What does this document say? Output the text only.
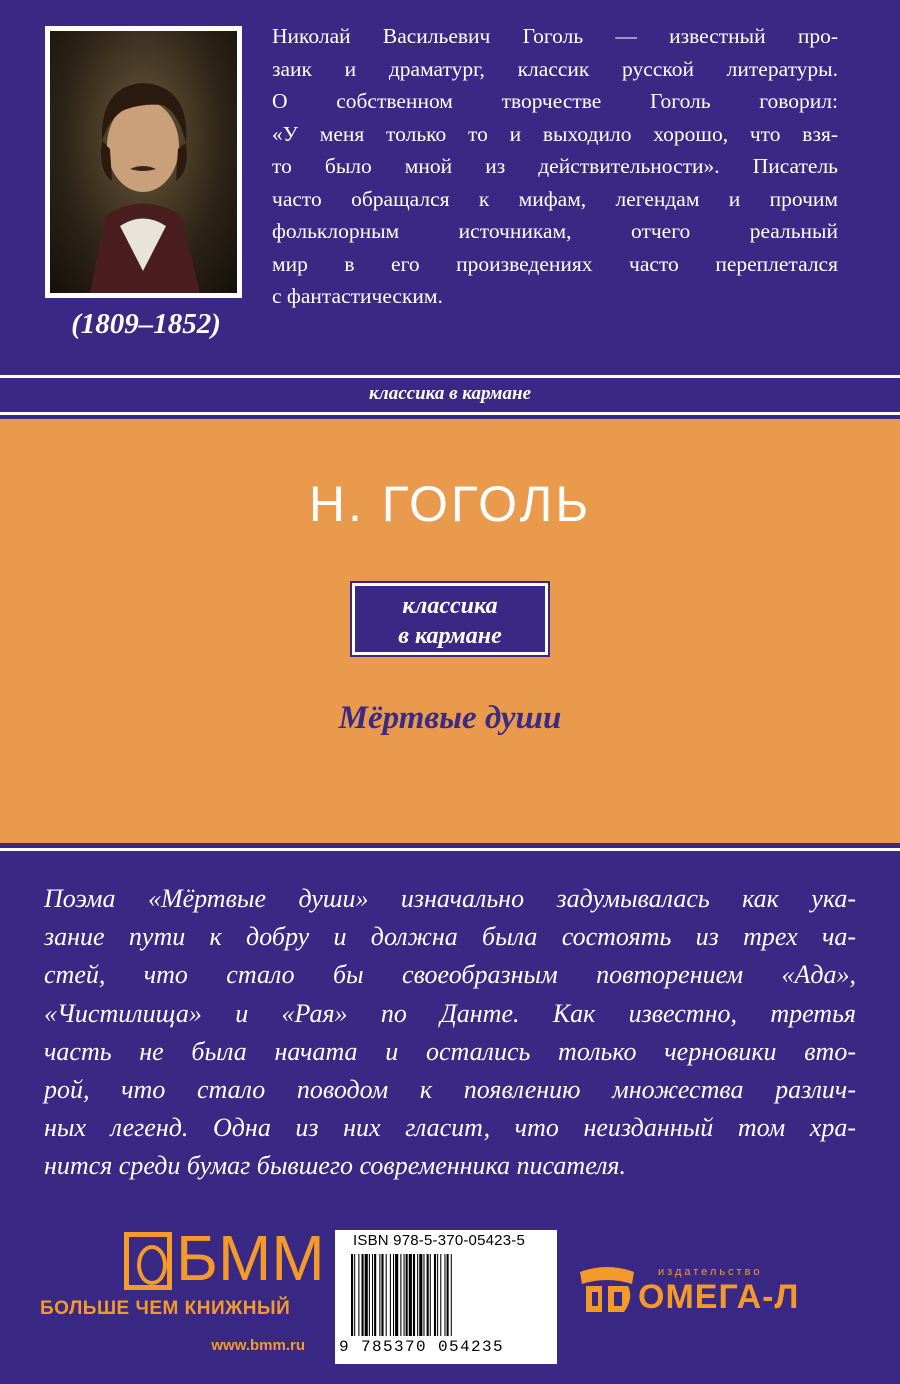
Николай Васильевич Гоголь — известный про-
заик и драматург, классик русской литературы.
О собственном творчестве Гоголь говорил:
«У меня только то и выходило хорошо, что взя-
то было мной из действительности». Писатель
часто обращался к мифам, легендам и прочим
фольклорным источникам, отчего реальный
мир в его произведениях часто переплетался
с фантастическим.
(1809–1852)
классика в кармане
Н. ГОГОЛЬ
классика
в кармане
Мёртвые души
Поэма «Мёртвые души» изначально задумывалась как ука-
зание пути к добру и должна была состоять из трех ча-
стей, что стало бы своеобразным повторением «Ада»,
«Чистилища» и «Рая» по Данте. Как известно, третья
часть не была начата и остались только черновики вто-
рой, что стало поводом к появлению множества различ-
ных легенд. Одна из них гласит, что неизданный том хра-
нится среди бумаг бывшего современника писателя.
БММ
БОЛЬШЕ ЧЕМ КНИЖНЫЙ
www.bmm.ru
ISBN 978-5-370-05423-5
9 785370 054235
издательство
ОМЕГА-Л
